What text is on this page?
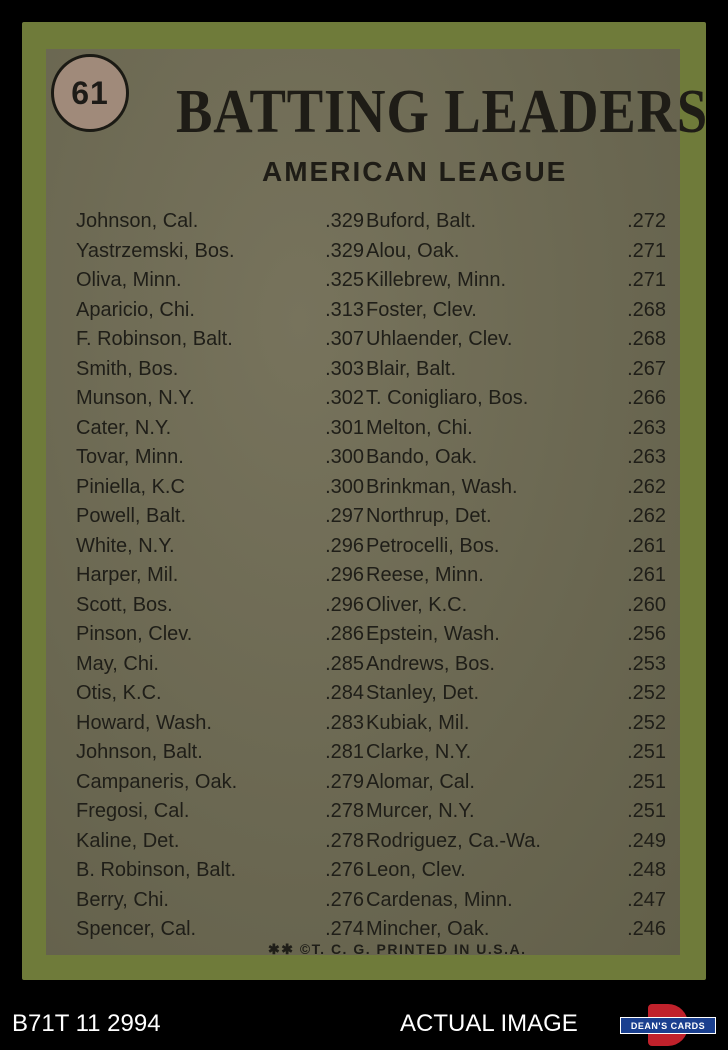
61 BATTING LEADERS
AMERICAN LEAGUE
Johnson, Cal.	.329
Yastrzemski, Bos.	.329
Oliva, Minn.	.325
Aparicio, Chi.	.313
F. Robinson, Balt.	.307
Smith, Bos.	.303
Munson, N.Y.	.302
Cater, N.Y.	.301
Tovar, Minn.	.300
Piniella, K.C	.300
Powell, Balt.	.297
White, N.Y.	.296
Harper, Mil.	.296
Scott, Bos.	.296
Pinson, Clev.	.286
May, Chi.	.285
Otis, K.C.	.284
Howard, Wash.	.283
Johnson, Balt.	.281
Campaneris, Oak.	.279
Fregosi, Cal.	.278
Kaline, Det.	.278
B. Robinson, Balt.	.276
Berry, Chi.	.276
Spencer, Cal.	.274
Buford, Balt.	.272
Alou, Oak.	.271
Killebrew, Minn.	.271
Foster, Clev.	.268
Uhlaender, Clev.	.268
Blair, Balt.	.267
T. Conigliaro, Bos.	.266
Melton, Chi.	.263
Bando, Oak.	.263
Brinkman, Wash.	.262
Northrup, Det.	.262
Petrocelli, Bos.	.261
Reese, Minn.	.261
Oliver, K.C.	.260
Epstein, Wash.	.256
Andrews, Bos.	.253
Stanley, Det.	.252
Kubiak, Mil.	.252
Clarke, N.Y.	.251
Alomar, Cal.	.251
Murcer, N.Y.	.251
Rodriguez, Ca.-Wa.	.249
Leon, Clev.	.248
Cardenas, Minn.	.247
Mincher, Oak.	.246

✱✱ ©T. C. G. PRINTED IN U.S.A.

B71T 11 2994	ACTUAL IMAGE	DEAN'S CARDS
